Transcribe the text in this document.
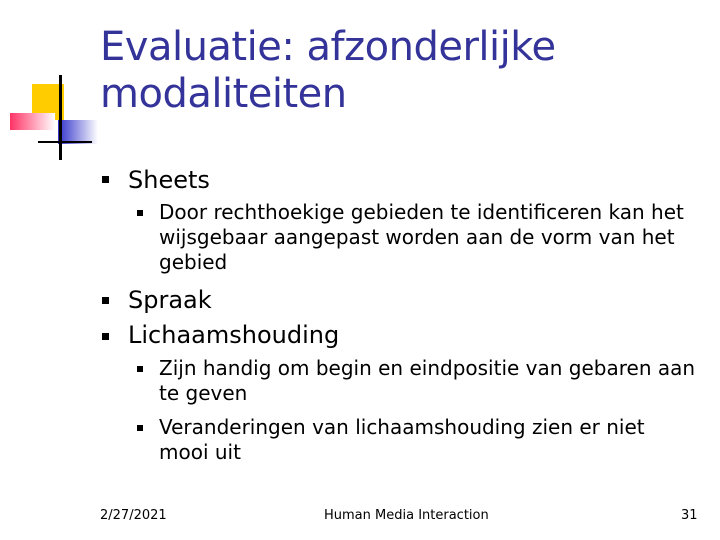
Evaluatie: afzonderlijke
modaliteiten
Sheets
Door rechthoekige gebieden te identificeren kan het wijsgebaar aangepast worden aan de vorm van het gebied
Spraak
Lichaamshouding
Zijn handig om begin en eindpositie van gebaren aan te geven
Veranderingen van lichaamshouding zien er niet mooi uit
2/27/2021	Human Media Interaction	31
